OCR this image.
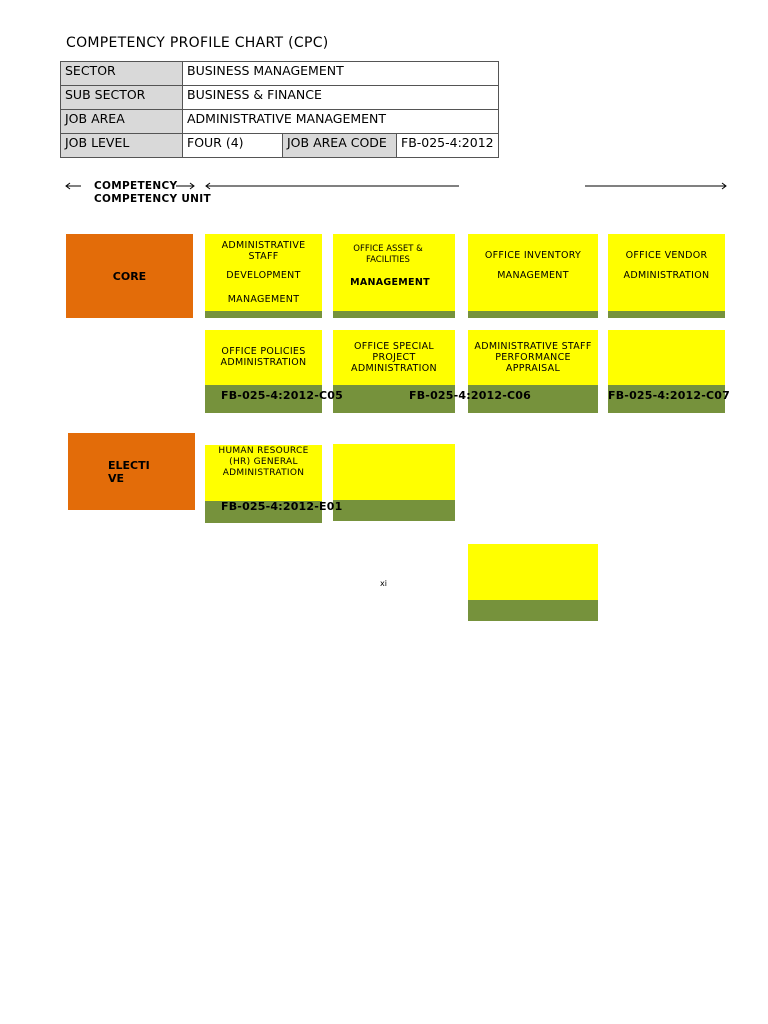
COMPETENCY PROFILE CHART (CPC)
SECTOR	BUSINESS MANAGEMENT		
SUB SECTOR	BUSINESS & FINANCE		
JOB AREA	ADMINISTRATIVE MANAGEMENT		
JOB LEVEL	FOUR (4)	JOB AREA CODE	FB-025-4:2012
COMPETENCY
COMPETENCY UNIT
CORE
ADMINISTRATIVE STAFF
DEVELOPMENT
MANAGEMENT
OFFICE ASSET & FACILITIES
MANAGEMENT
OFFICE INVENTORY
MANAGEMENT
OFFICE VENDOR
ADMINISTRATION
OFFICE POLICIES ADMINISTRATION
OFFICE SPECIAL PROJECT ADMINISTRATION
ADMINISTRATIVE STAFF PERFORMANCE APPRAISAL
FB-025-4:2012-C05	FB-025-4:2012-C06	FB-025-4:2012-C07
ELECTI VE
HUMAN RESOURCE (HR) GENERAL ADMINISTRATION
FB-025-4:2012-E01
xi
